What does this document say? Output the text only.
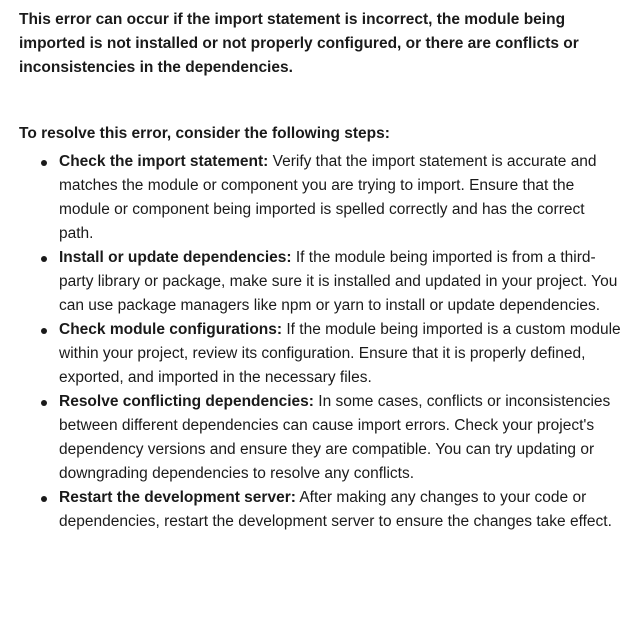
This error can occur if the import statement is incorrect, the module being imported is not installed or not properly configured, or there are conflicts or inconsistencies in the dependencies.

To resolve this error, consider the following steps:

Check the import statement: Verify that the import statement is accurate and matches the module or component you are trying to import. Ensure that the module or component being imported is spelled correctly and has the correct path.
Install or update dependencies: If the module being imported is from a third-party library or package, make sure it is installed and updated in your project. You can use package managers like npm or yarn to install or update dependencies.
Check module configurations: If the module being imported is a custom module within your project, review its configuration. Ensure that it is properly defined, exported, and imported in the necessary files.
Resolve conflicting dependencies: In some cases, conflicts or inconsistencies between different dependencies can cause import errors. Check your project's dependency versions and ensure they are compatible. You can try updating or downgrading dependencies to resolve any conflicts.
Restart the development server: After making any changes to your code or dependencies, restart the development server to ensure the changes take effect.
